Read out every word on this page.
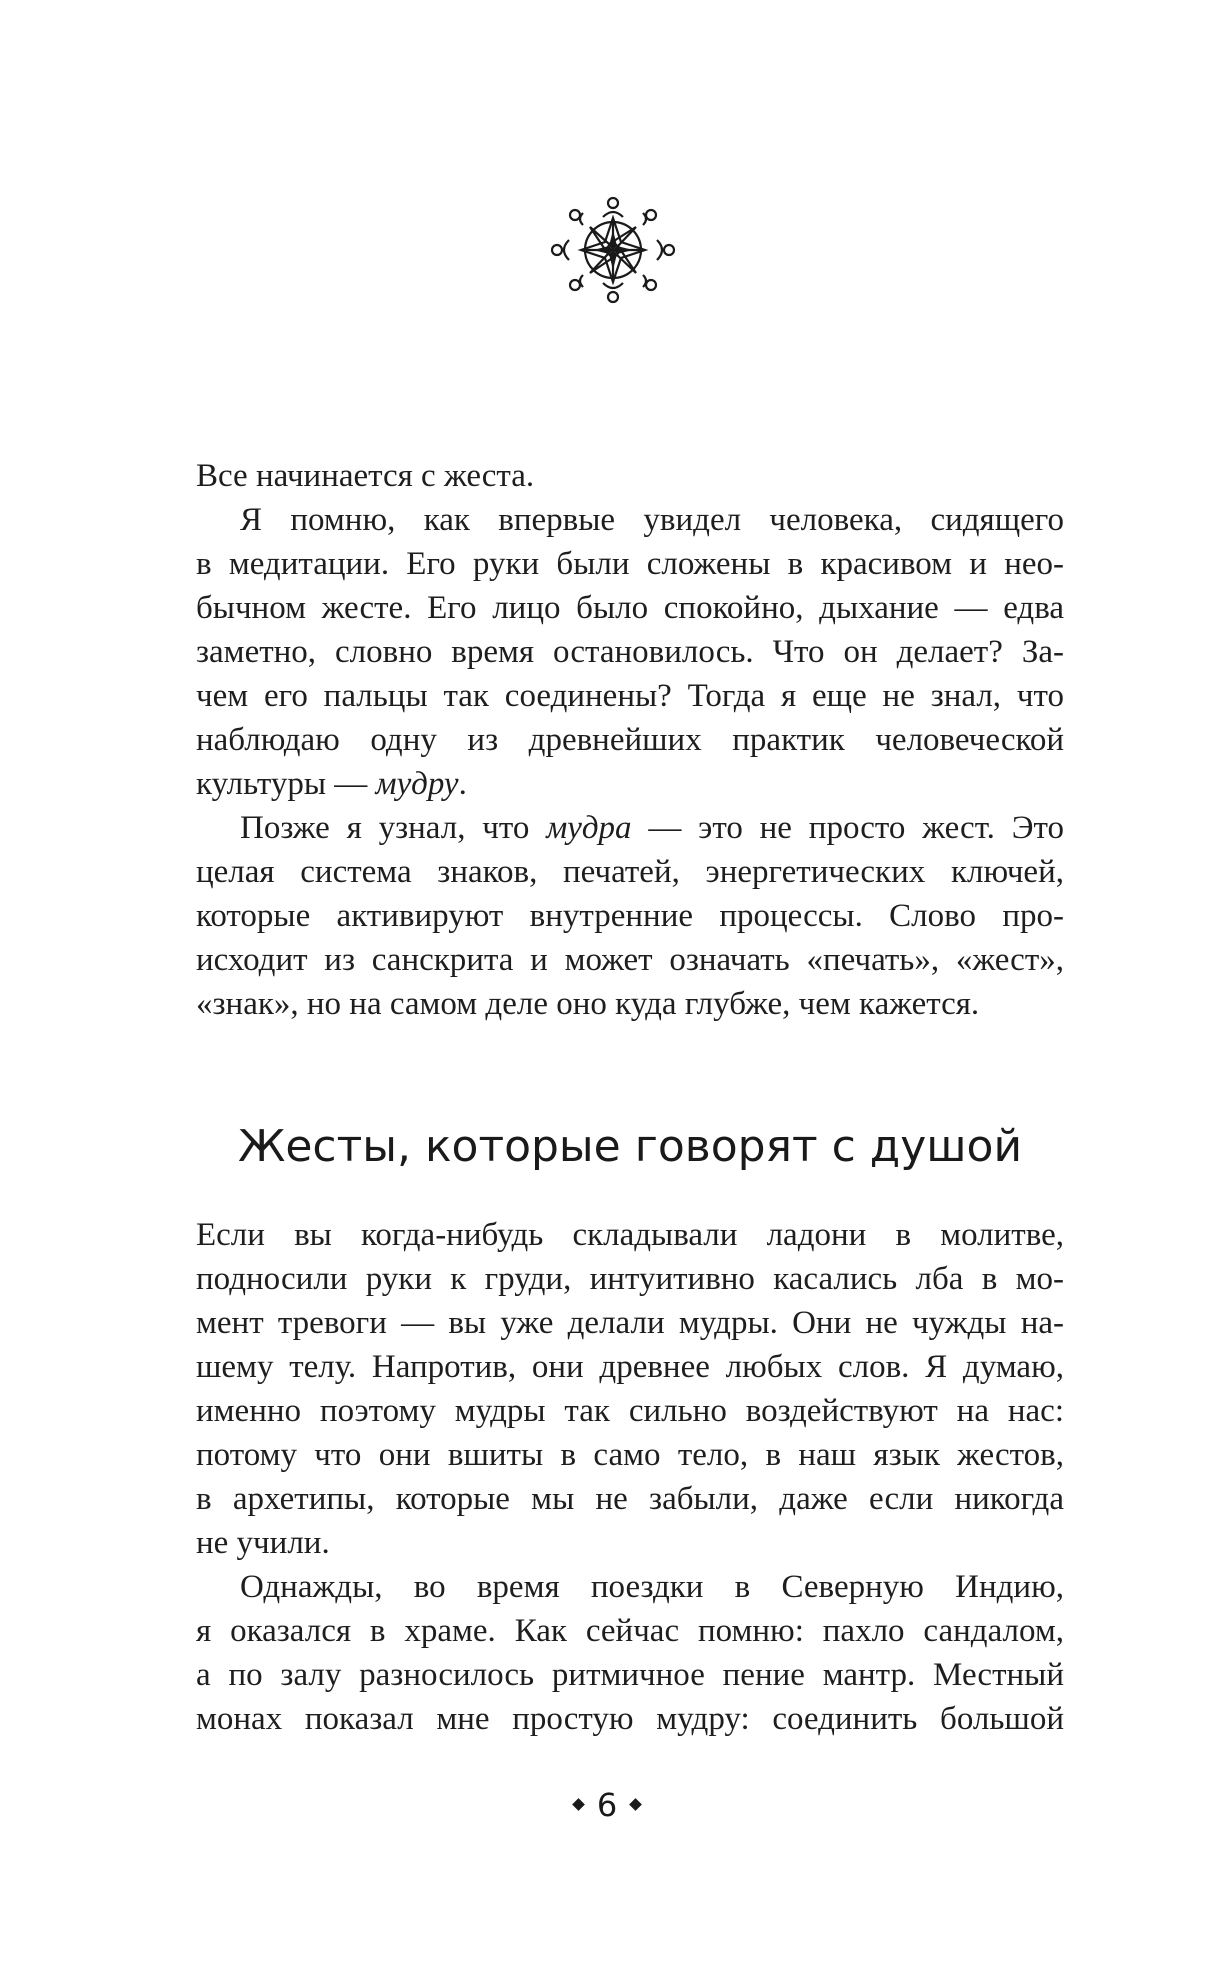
Все начинается с жеста.

Я помню, как впервые увидел человека, сидящего
в медитации. Его руки были сложены в красивом и нео-
бычном жесте. Его лицо было спокойно, дыхание — едва
заметно, словно время остановилось. Что он делает? За-
чем его пальцы так соединены? Тогда я еще не знал, что
наблюдаю одну из древнейших практик человеческой
культуры — мудру.

Позже я узнал, что мудра — это не просто жест. Это
целая система знаков, печатей, энергетических ключей,
которые активируют внутренние процессы. Слово про-
исходит из санскрита и может означать «печать», «жест»,
«знак», но на самом деле оно куда глубже, чем кажется.

Жесты, которые говорят с душой

Если вы когда-нибудь складывали ладони в молитве,
подносили руки к груди, интуитивно касались лба в мо-
мент тревоги — вы уже делали мудры. Они не чужды на-
шему телу. Напротив, они древнее любых слов. Я думаю,
именно поэтому мудры так сильно воздействуют на нас:
потому что они вшиты в само тело, в наш язык жестов,
в архетипы, которые мы не забыли, даже если никогда
не учили.

Однажды, во время поездки в Северную Индию,
я оказался в храме. Как сейчас помню: пахло сандалом,
а по залу разносилось ритмичное пение мантр. Местный
монах показал мне простую мудру: соединить большой

6
